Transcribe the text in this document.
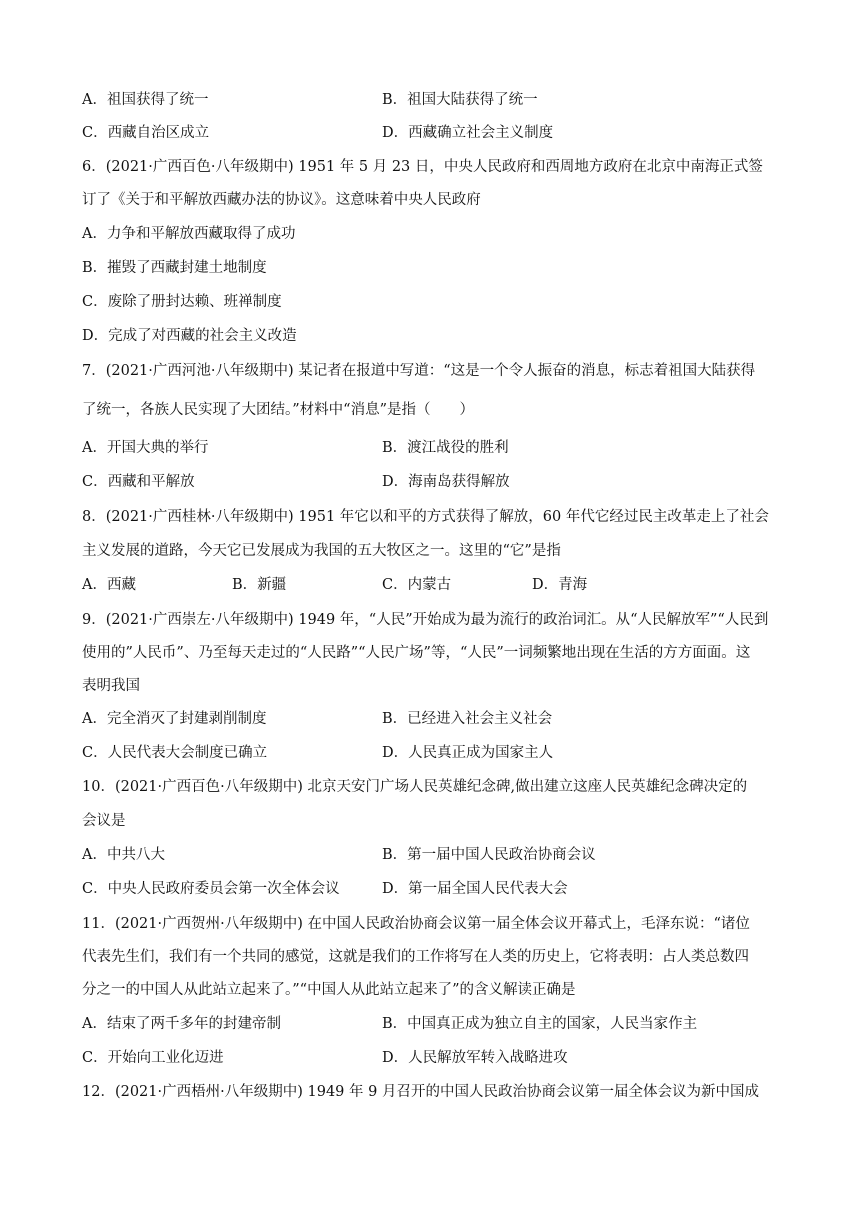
A．祖国获得了统一	B．祖国大陆获得了统一
C．西藏自治区成立	D．西藏确立社会主义制度
6．(2021·广西百色·八年级期中) 1951 年 5 月 23 日，中央人民政府和西周地方政府在北京中南海正式签
订了《关于和平解放西藏办法的协议》。这意味着中央人民政府
A．力争和平解放西藏取得了成功
B．摧毁了西藏封建土地制度
C．废除了册封达赖、班禅制度
D．完成了对西藏的社会主义改造
7．(2021·广西河池·八年级期中) 某记者在报道中写道：“这是一个令人振奋的消息，标志着祖国大陆获得
了统一，各族人民实现了大团结。”材料中“消息”是指（　　）
A．开国大典的举行	B．渡江战役的胜利
C．西藏和平解放	D．海南岛获得解放
8．(2021·广西桂林·八年级期中) 1951 年它以和平的方式获得了解放，60 年代它经过民主改革走上了社会
主义发展的道路，今天它已发展成为我国的五大牧区之一。这里的“它”是指
A．西藏	B．新疆	C．内蒙古	D．青海
9．(2021·广西崇左·八年级期中) 1949 年，“人民”开始成为最为流行的政治词汇。从“人民解放军”“人民到
使用的”人民币”、乃至每天走过的“人民路”“人民广场”等，“人民”一词频繁地出现在生活的方方面面。这
表明我国
A．完全消灭了封建剥削制度	B．已经进入社会主义社会
C．人民代表大会制度已确立	D．人民真正成为国家主人
10．(2021·广西百色·八年级期中) 北京天安门广场人民英雄纪念碑,做出建立这座人民英雄纪念碑决定的
会议是
A．中共八大	B．第一届中国人民政治协商会议
C．中央人民政府委员会第一次全体会议	D．第一届全国人民代表大会
11．(2021·广西贺州·八年级期中) 在中国人民政治协商会议第一届全体会议开幕式上，毛泽东说：“诸位
代表先生们，我们有一个共同的感觉，这就是我们的工作将写在人类的历史上，它将表明：占人类总数四
分之一的中国人从此站立起来了。”“中国人从此站立起来了”的含义解读正确是
A．结束了两千多年的封建帝制	B．中国真正成为独立自主的国家，人民当家作主
C．开始向工业化迈进	D．人民解放军转入战略进攻
12．(2021·广西梧州·八年级期中) 1949 年 9 月召开的中国人民政治协商会议第一届全体会议为新中国成
